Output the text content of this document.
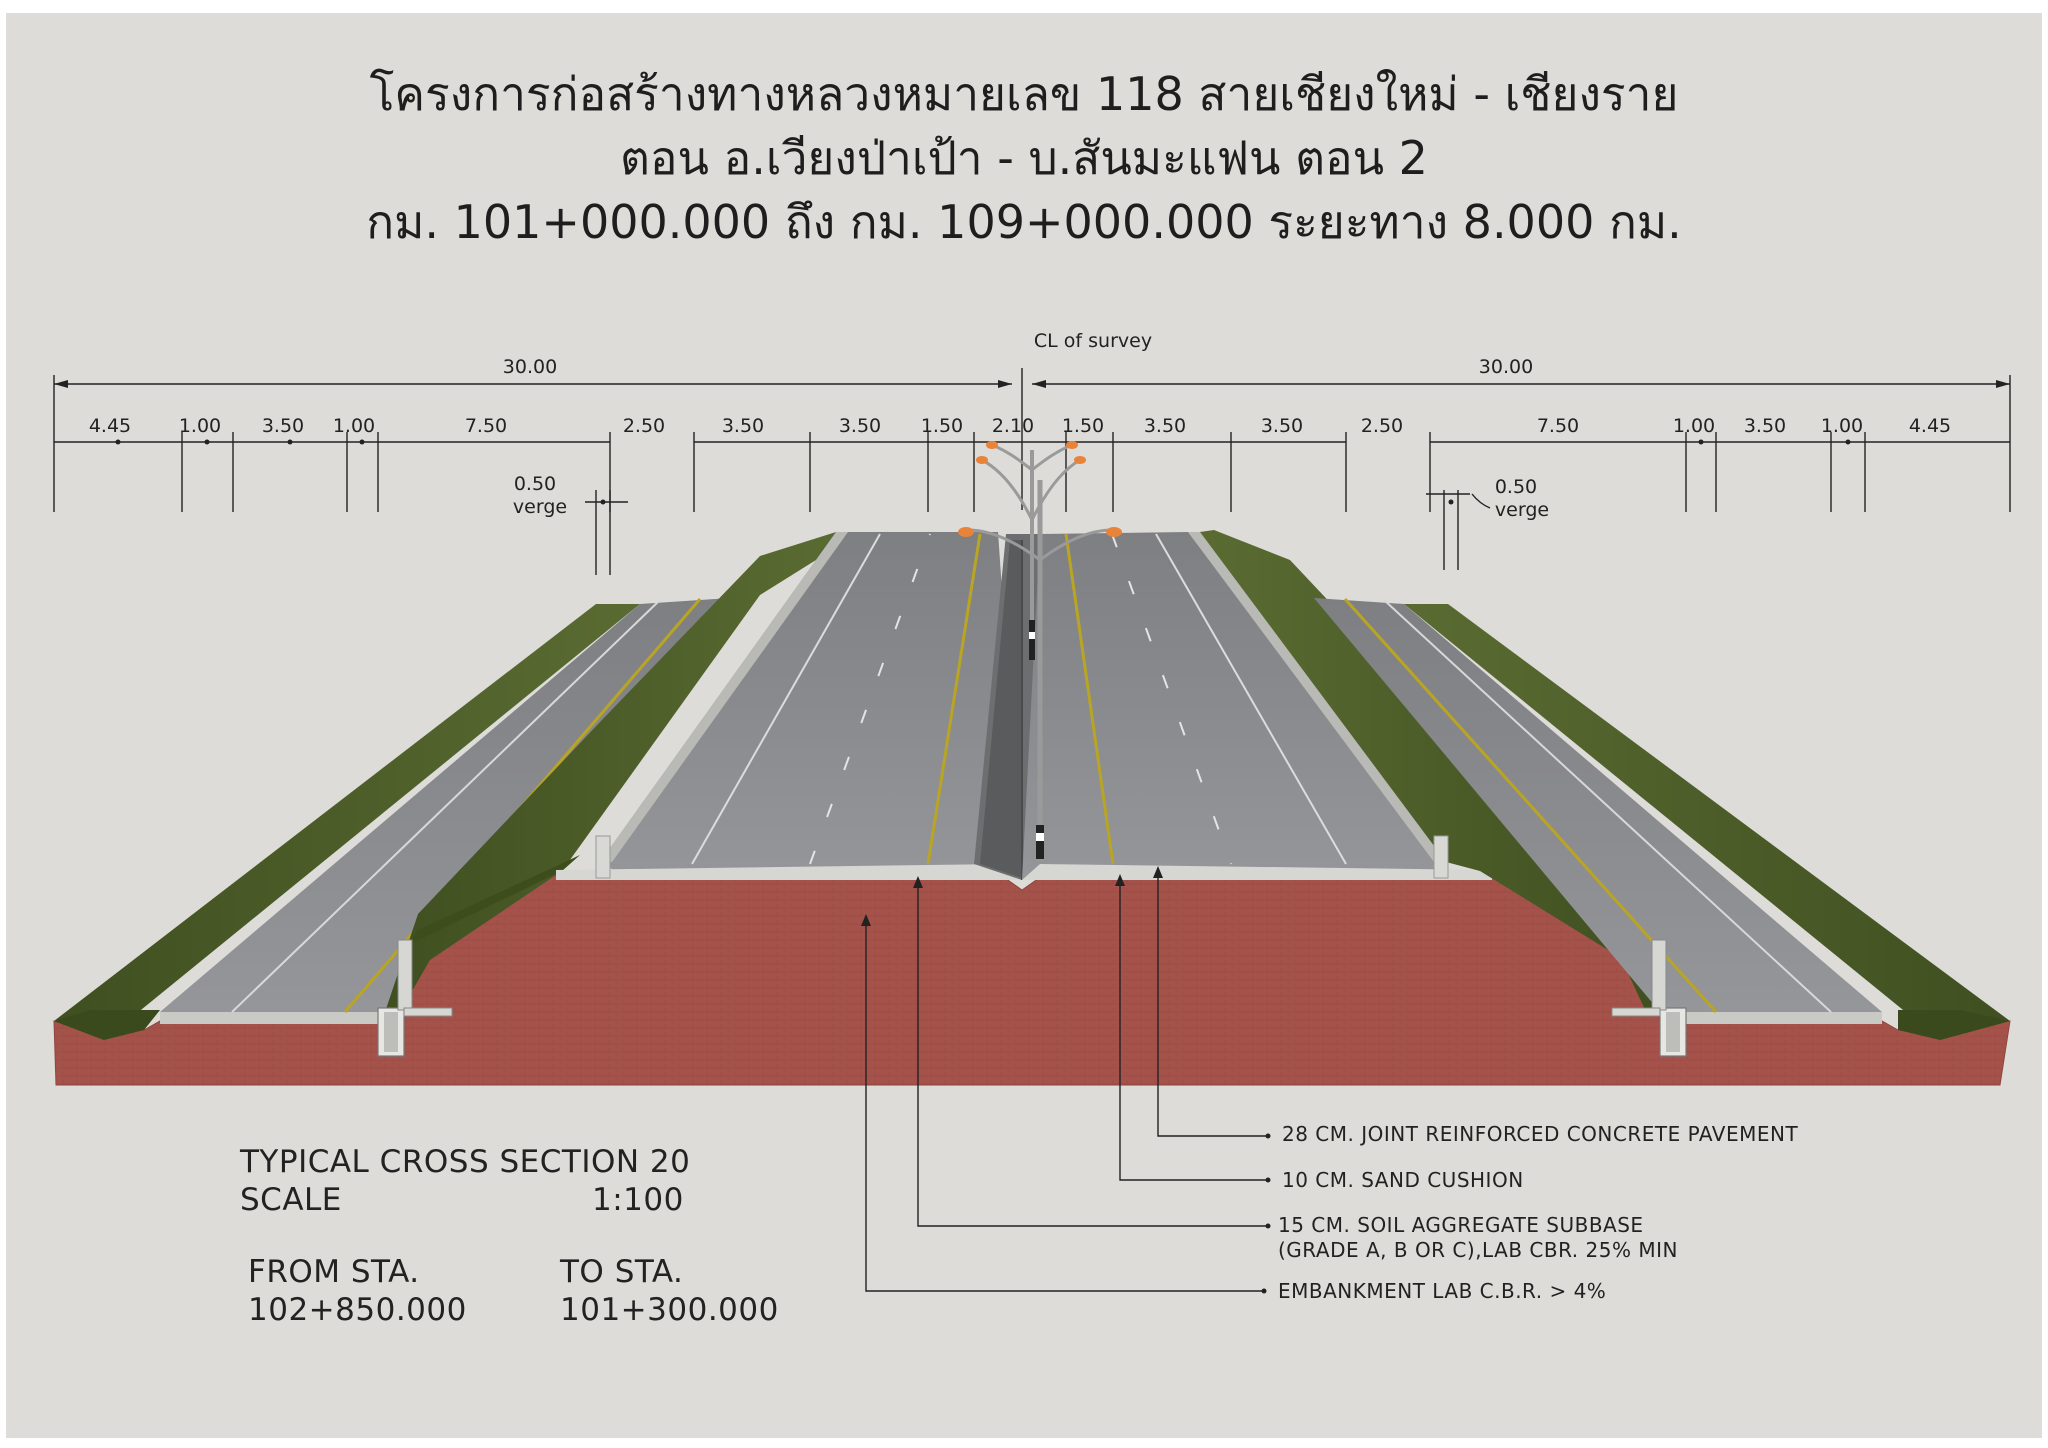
โครงการก่อสร้างทางหลวงหมายเลข 118 สายเชียงใหม่ - เชียงราย
ตอน อ.เวียงป่าเป้า - บ.สันมะแฟน ตอน 2
กม. 101+000.000 ถึง กม. 109+000.000 ระยะทาง 8.000 กม.
CL of survey
30.00	30.00
4.45	1.00 3.50 1.00	7.50	2.50	3.50	3.50 1.50 2.10 1.50 3.50	3.50	2.50	7.50	1.00 3.50 1.00 4.45
0.50
verge
0.50
verge
28 CM. JOINT REINFORCED CONCRETE PAVEMENT
10 CM. SAND CUSHION
15 CM. SOIL AGGREGATE SUBBASE
(GRADE A, B OR C),LAB CBR. 25% MIN
EMBANKMENT LAB C.B.R. > 4%
TYPICAL CROSS SECTION 20
SCALE	1:100
FROM STA.
102+850.000
TO STA.
101+300.000
